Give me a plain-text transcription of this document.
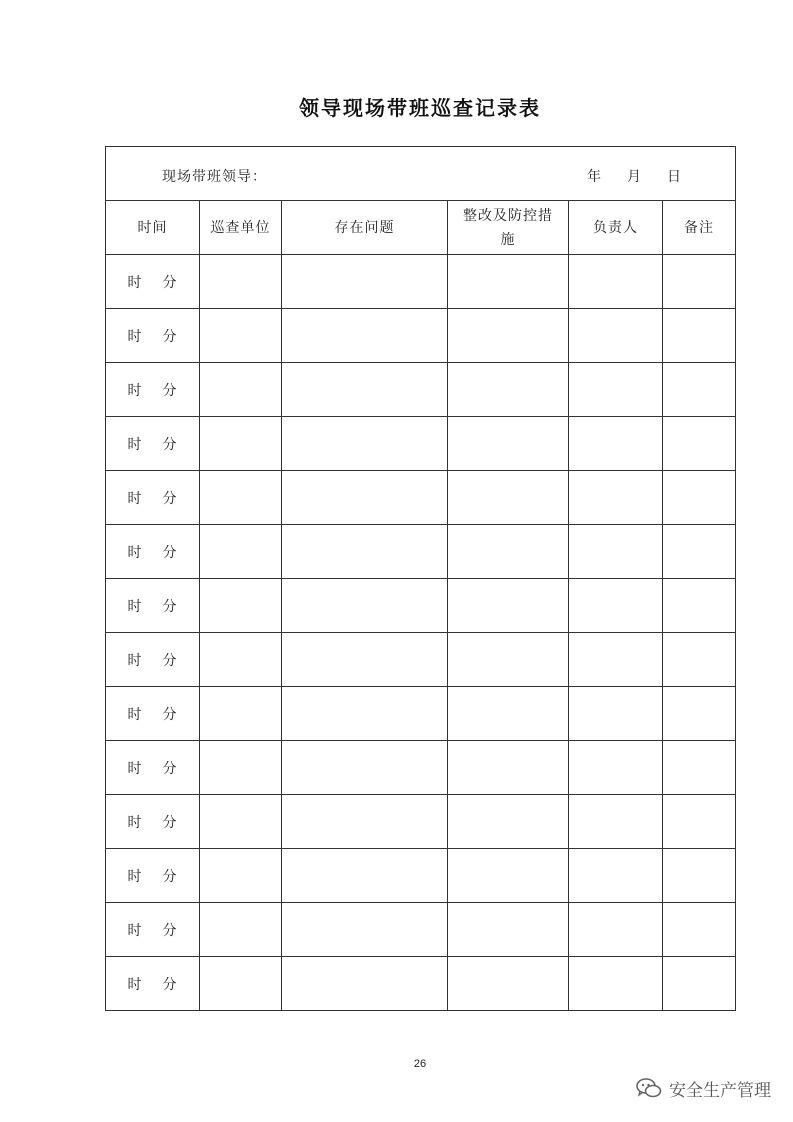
领导现场带班巡查记录表
现场带班领导： 年 月 日					

时间	巡查单位	存在问题	整改及防控措施	负责人	备注
时 分					
时 分					
时 分					
时 分					
时 分					
时 分					
时 分					
时 分					
时 分					
时 分					
时 分					
时 分					
时 分					
时 分					
26
安全生产管理
